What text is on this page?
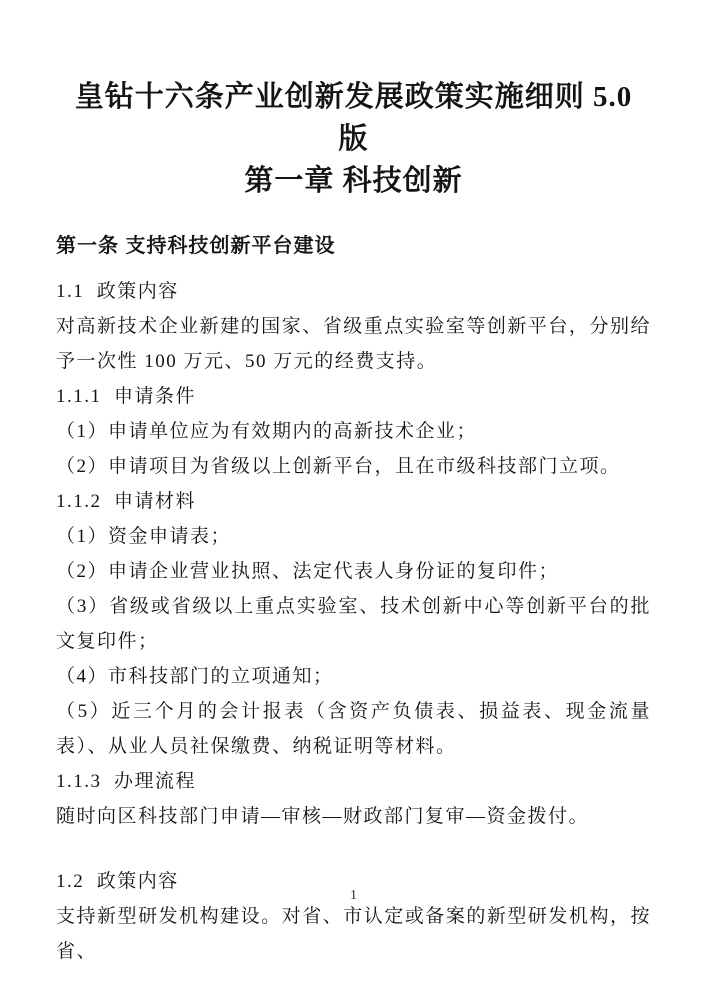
皇钻十六条产业创新发展政策实施细则 5.0 版
第一章 科技创新
第一条 支持科技创新平台建设

1.1  政策内容

对高新技术企业新建的国家、省级重点实验室等创新平台，分别给予一次性 100 万元、50 万元的经费支持。

1.1.1  申请条件

（1）申请单位应为有效期内的高新技术企业；

（2）申请项目为省级以上创新平台，且在市级科技部门立项。

1.1.2  申请材料

（1）资金申请表；

（2）申请企业营业执照、法定代表人身份证的复印件；

（3）省级或省级以上重点实验室、技术创新中心等创新平台的批文复印件；

（4）市科技部门的立项通知；

（5）近三个月的会计报表（含资产负债表、损益表、现金流量表）、从业人员社保缴费、纳税证明等材料。

1.1.3  办理流程

随时向区科技部门申请—审核—财政部门复审—资金拨付。

1.2  政策内容

支持新型研发机构建设。对省、市认定或备案的新型研发机构，按省、

1
